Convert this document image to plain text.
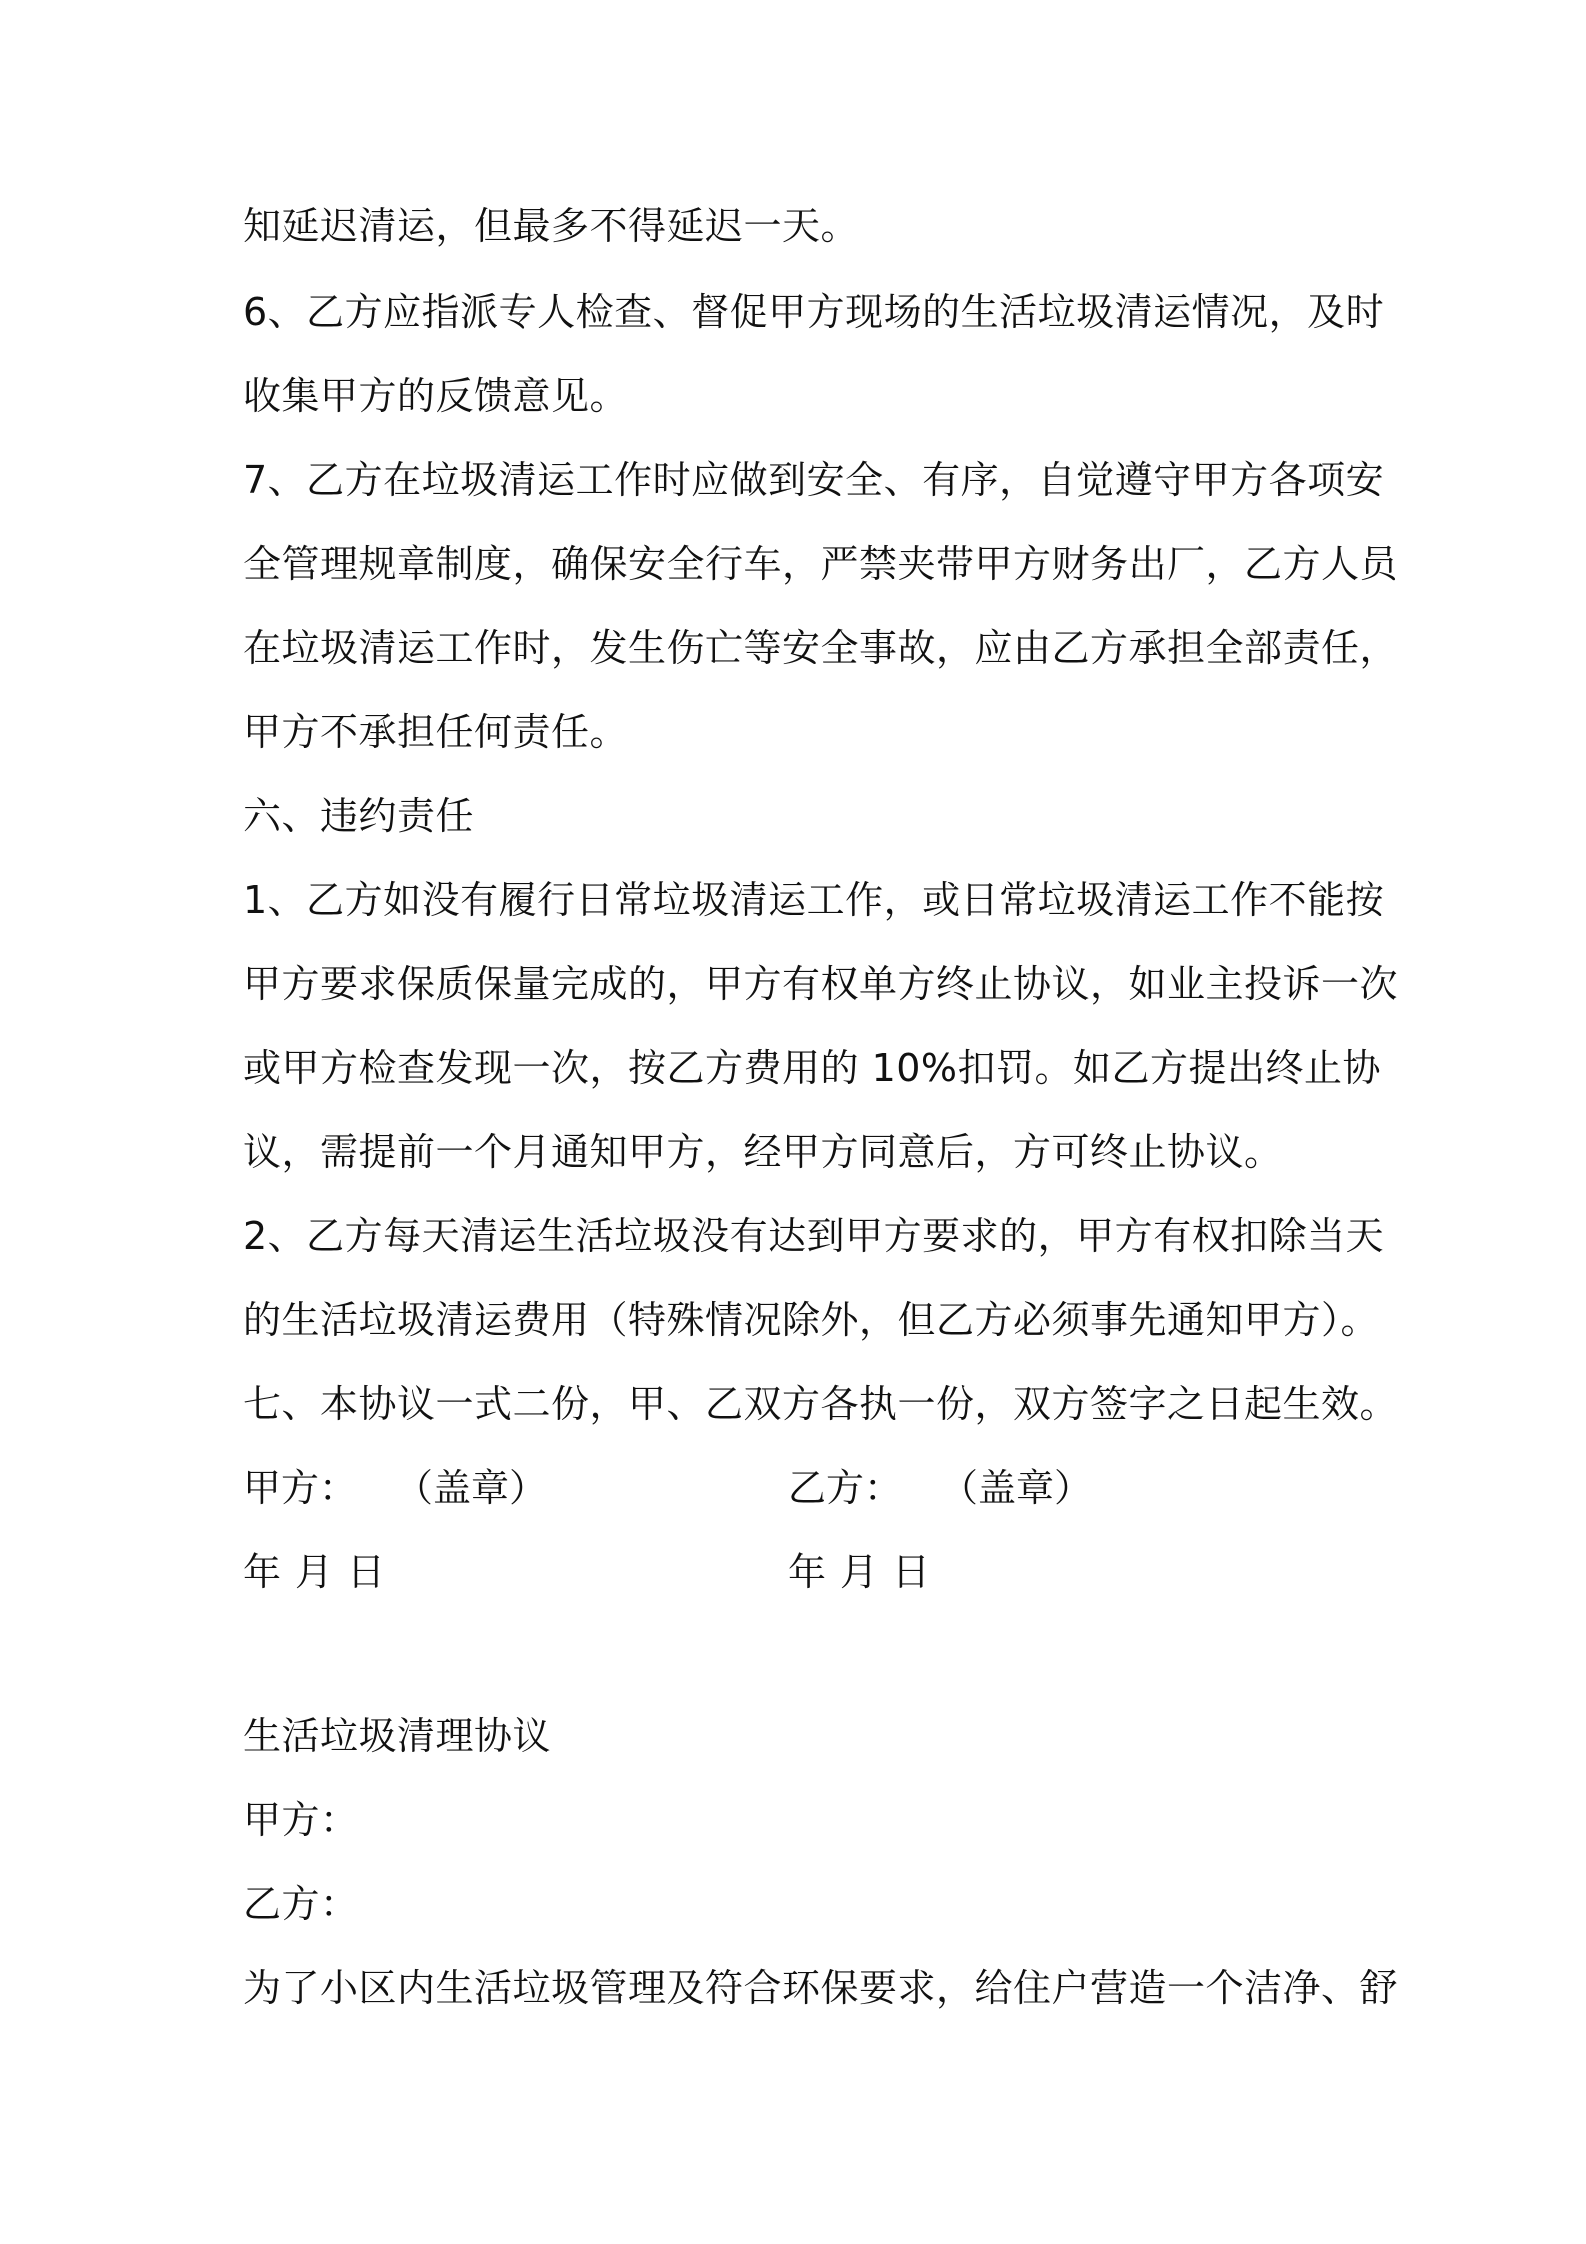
知延迟清运，但最多不得延迟一天。
6、乙方应指派专人检查、督促甲方现场的生活垃圾清运情况，及时
收集甲方的反馈意见。
7、乙方在垃圾清运工作时应做到安全、有序，自觉遵守甲方各项安
全管理规章制度，确保安全行车，严禁夹带甲方财务出厂，乙方人员
在垃圾清运工作时，发生伤亡等安全事故，应由乙方承担全部责任，
甲方不承担任何责任。
六、违约责任
1、乙方如没有履行日常垃圾清运工作，或日常垃圾清运工作不能按
甲方要求保质保量完成的，甲方有权单方终止协议，如业主投诉一次
或甲方检查发现一次，按乙方费用的 10%扣罚。如乙方提出终止协
议，需提前一个月通知甲方，经甲方同意后，方可终止协议。
2、乙方每天清运生活垃圾没有达到甲方要求的，甲方有权扣除当天
的生活垃圾清运费用（特殊情况除外，但乙方必须事先通知甲方）。
七、本协议一式二份，甲、乙双方各执一份，双方签字之日起生效。
甲方： （盖章）	乙方： （盖章）
年 月 日	年 月 日
生活垃圾清理协议
甲方：
乙方：
为了小区内生活垃圾管理及符合环保要求，给住户营造一个洁净、舒
